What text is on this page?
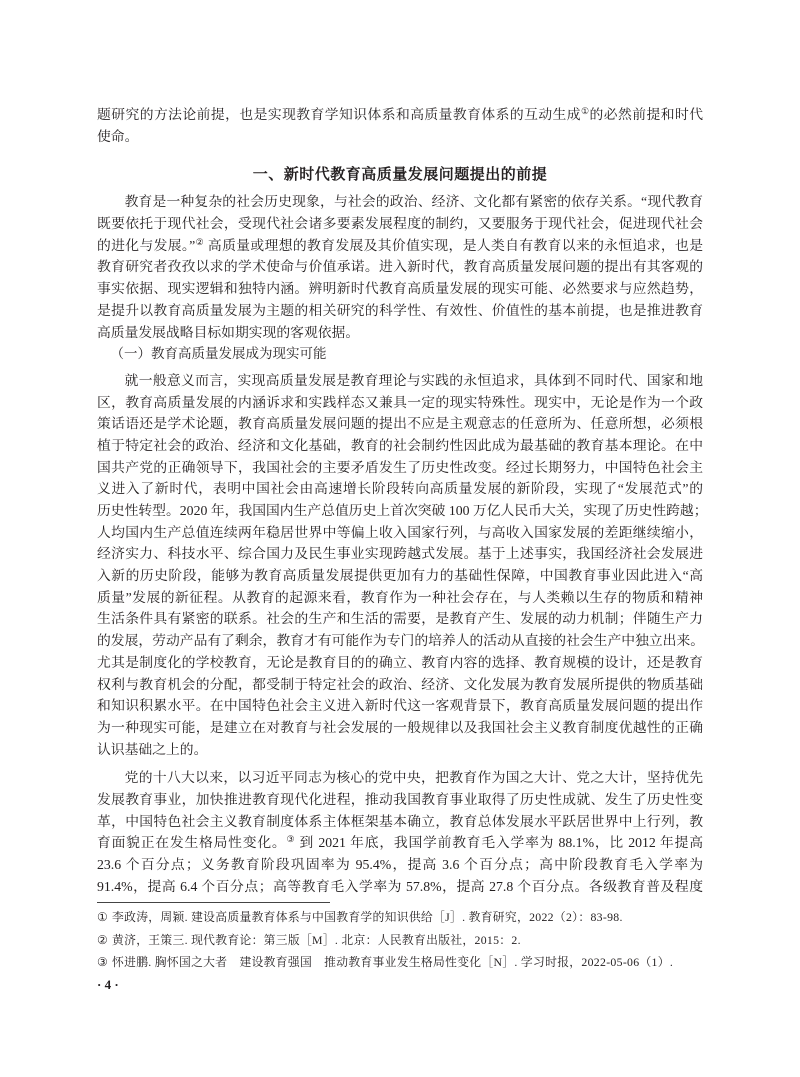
题研究的方法论前提，也是实现教育学知识体系和高质量教育体系的互动生成①的必然前提和时代
使命。
一、新时代教育高质量发展问题提出的前提
教育是一种复杂的社会历史现象，与社会的政治、经济、文化都有紧密的依存关系。“现代教育
既要依托于现代社会，受现代社会诸多要素发展程度的制约，又要服务于现代社会，促进现代社会
的进化与发展。”② 高质量或理想的教育发展及其价值实现，是人类自有教育以来的永恒追求，也是
教育研究者孜孜以求的学术使命与价值承诺。进入新时代，教育高质量发展问题的提出有其客观的
事实依据、现实逻辑和独特内涵。辨明新时代教育高质量发展的现实可能、必然要求与应然趋势，
是提升以教育高质量发展为主题的相关研究的科学性、有效性、价值性的基本前提，也是推进教育
高质量发展战略目标如期实现的客观依据。
（一）教育高质量发展成为现实可能
就一般意义而言，实现高质量发展是教育理论与实践的永恒追求，具体到不同时代、国家和地
区，教育高质量发展的内涵诉求和实践样态又兼具一定的现实特殊性。现实中，无论是作为一个政
策话语还是学术论题，教育高质量发展问题的提出不应是主观意志的任意所为、任意所想，必须根
植于特定社会的政治、经济和文化基础，教育的社会制约性因此成为最基础的教育基本理论。在中
国共产党的正确领导下，我国社会的主要矛盾发生了历史性改变。经过长期努力，中国特色社会主
义进入了新时代，表明中国社会由高速增长阶段转向高质量发展的新阶段，实现了“发展范式”的
历史性转型。2020 年，我国国内生产总值历史上首次突破 100 万亿人民币大关，实现了历史性跨越；
人均国内生产总值连续两年稳居世界中等偏上收入国家行列，与高收入国家发展的差距继续缩小，
经济实力、科技水平、综合国力及民生事业实现跨越式发展。基于上述事实，我国经济社会发展进
入新的历史阶段，能够为教育高质量发展提供更加有力的基础性保障，中国教育事业因此进入“高
质量”发展的新征程。从教育的起源来看，教育作为一种社会存在，与人类赖以生存的物质和精神
生活条件具有紧密的联系。社会的生产和生活的需要，是教育产生、发展的动力机制；伴随生产力
的发展，劳动产品有了剩余，教育才有可能作为专门的培养人的活动从直接的社会生产中独立出来。
尤其是制度化的学校教育，无论是教育目的的确立、教育内容的选择、教育规模的设计，还是教育
权利与教育机会的分配，都受制于特定社会的政治、经济、文化发展为教育发展所提供的物质基础
和知识积累水平。在中国特色社会主义进入新时代这一客观背景下，教育高质量发展问题的提出作
为一种现实可能，是建立在对教育与社会发展的一般规律以及我国社会主义教育制度优越性的正确
认识基础之上的。
党的十八大以来，以习近平同志为核心的党中央，把教育作为国之大计、党之大计，坚持优先
发展教育事业，加快推进教育现代化进程，推动我国教育事业取得了历史性成就、发生了历史性变
革，中国特色社会主义教育制度体系主体框架基本确立，教育总体发展水平跃居世界中上行列，教
育面貌正在发生格局性变化。③ 到 2021 年底，我国学前教育毛入学率为 88.1%，比 2012 年提高
23.6 个百分点；义务教育阶段巩固率为 95.4%，提高 3.6 个百分点；高中阶段教育毛入学率为
91.4%，提高 6.4 个百分点；高等教育毛入学率为 57.8%，提高 27.8 个百分点。各级教育普及程度
① 李政涛，周颖. 建设高质量教育体系与中国教育学的知识供给［J］. 教育研究，2022（2）：83-98.
② 黄济，王策三. 现代教育论：第三版［M］. 北京：人民教育出版社，2015：2.
③ 怀进鹏. 胸怀国之大者　建设教育强国　推动教育事业发生格局性变化［N］. 学习时报，2022-05-06（1）.
· 4 ·
